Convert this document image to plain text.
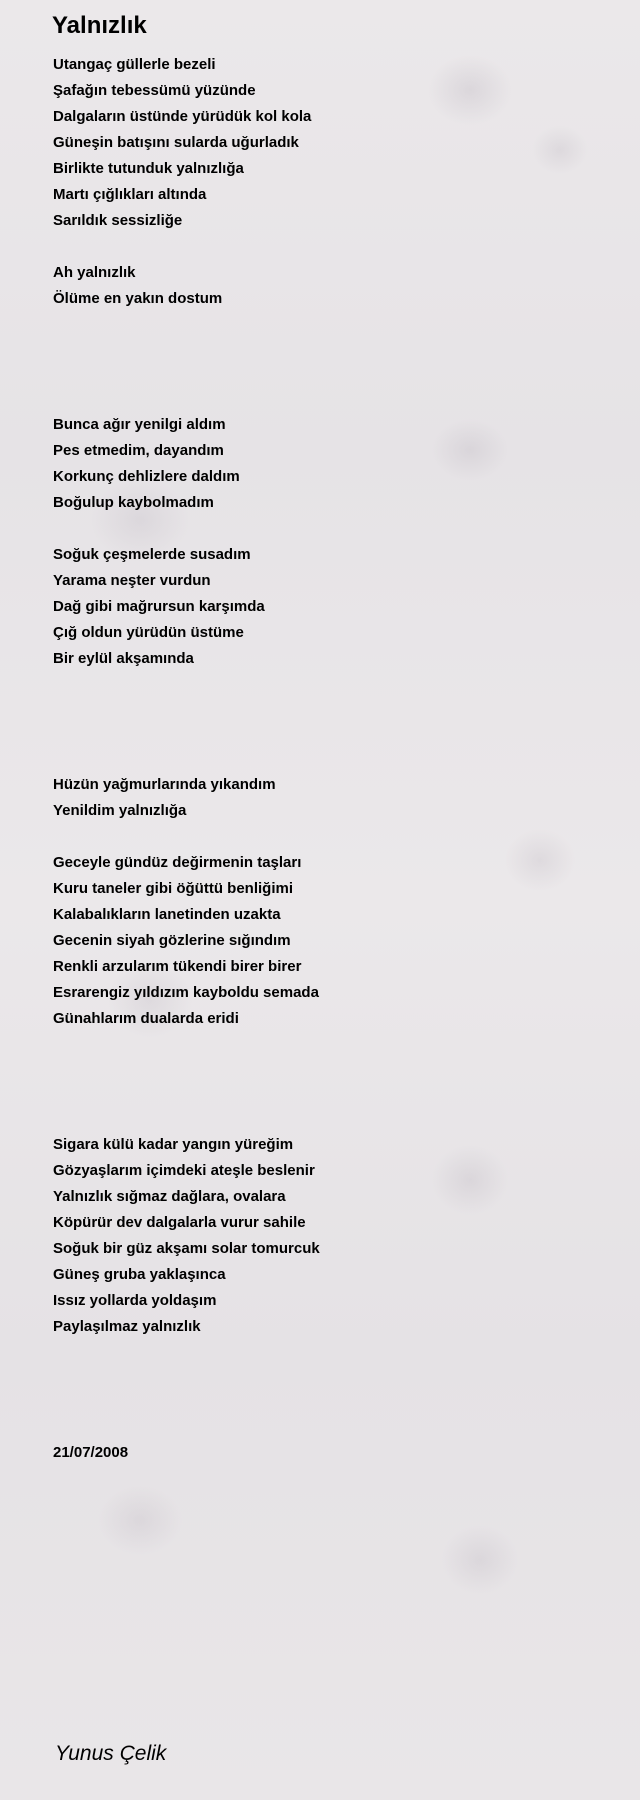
Yalnızlık
Utangaç güllerle bezeli
Şafağın tebessümü yüzünde
Dalgaların üstünde yürüdük kol kola
Güneşin batışını sularda uğurladık
Birlikte tutunduk yalnızlığa
Martı çığlıkları altında
Sarıldık sessizliğe
Ah yalnızlık
Ölüme en yakın dostum
Bunca ağır yenilgi aldım
Pes etmedim, dayandım
Korkunç dehlizlere daldım
Boğulup kaybolmadım
Soğuk çeşmelerde susadım
Yarama neşter vurdun
Dağ gibi mağrursun karşımda
Çığ oldun yürüdün üstüme
Bir eylül akşamında
Hüzün yağmurlarında yıkandım
Yenildim yalnızlığa
Geceyle gündüz değirmenin taşları
Kuru taneler gibi öğüttü benliğimi
Kalabalıkların lanetinden uzakta
Gecenin siyah gözlerine sığındım
Renkli arzularım tükendi birer birer
Esrarengiz yıldızım kayboldu semada
Günahlarım dualarda eridi
Sigara külü kadar yangın yüreğim
Gözyaşlarım içimdeki ateşle beslenir
Yalnızlık sığmaz dağlara, ovalara
Köpürür dev dalgalarla vurur sahile
Soğuk bir güz akşamı solar tomurcuk
Güneş gruba yaklaşınca
Issız yollarda yoldaşım
Paylaşılmaz yalnızlık
21/07/2008
Yunus Çelik
